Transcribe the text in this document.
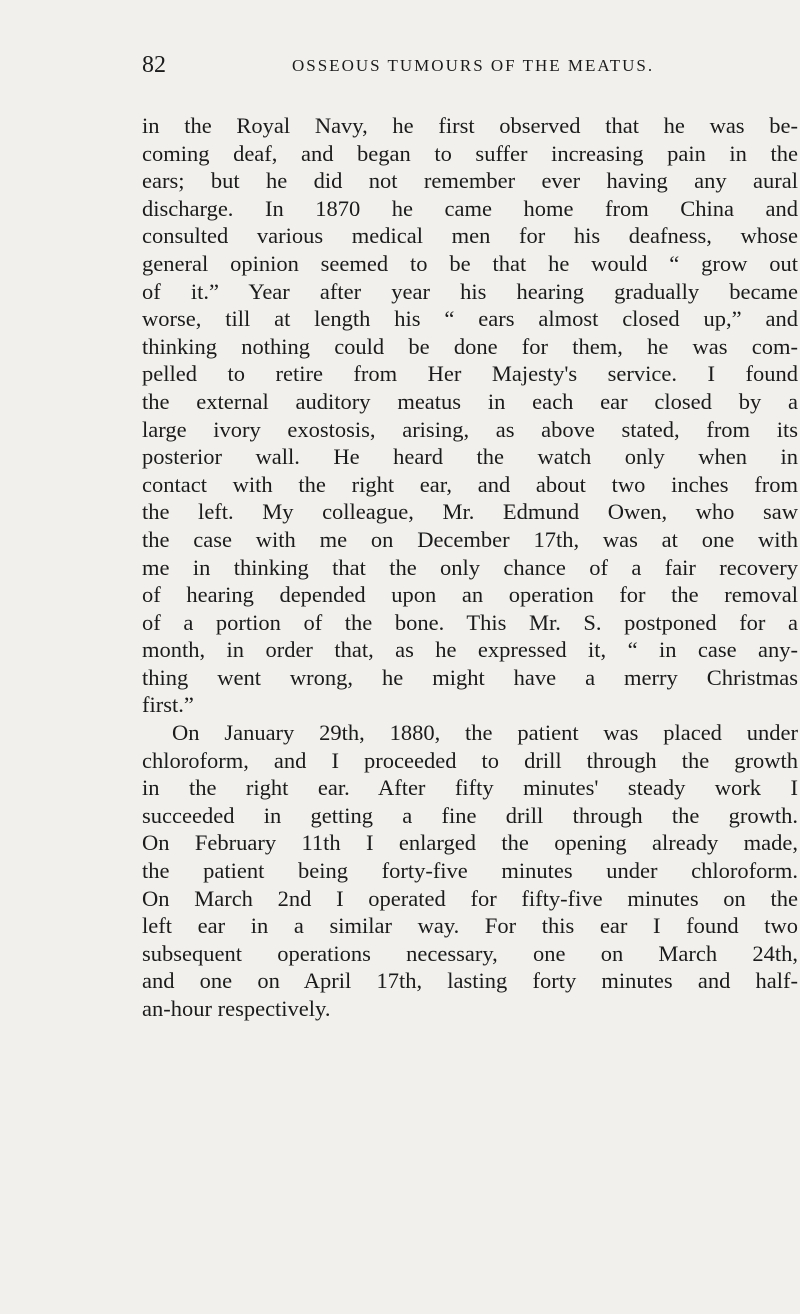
82	OSSEOUS TUMOURS OF THE MEATUS.
in the Royal Navy, he first observed that he was be-
coming deaf, and began to suffer increasing pain in the
ears; but he did not remember ever having any aural
discharge. In 1870 he came home from China and
consulted various medical men for his deafness, whose
general opinion seemed to be that he would “ grow out
of it.” Year after year his hearing gradually became
worse, till at length his “ ears almost closed up,” and
thinking nothing could be done for them, he was com-
pelled to retire from Her Majesty's service. I found
the external auditory meatus in each ear closed by a
large ivory exostosis, arising, as above stated, from its
posterior wall. He heard the watch only when in
contact with the right ear, and about two inches from
the left. My colleague, Mr. Edmund Owen, who saw
the case with me on December 17th, was at one with
me in thinking that the only chance of a fair recovery
of hearing depended upon an operation for the removal
of a portion of the bone. This Mr. S. postponed for a
month, in order that, as he expressed it, “ in case any-
thing went wrong, he might have a merry Christmas
first.”
On January 29th, 1880, the patient was placed under
chloroform, and I proceeded to drill through the growth
in the right ear. After fifty minutes' steady work I
succeeded in getting a fine drill through the growth.
On February 11th I enlarged the opening already made,
the patient being forty-five minutes under chloroform.
On March 2nd I operated for fifty-five minutes on the
left ear in a similar way. For this ear I found two
subsequent operations necessary, one on March 24th,
and one on April 17th, lasting forty minutes and half-
an-hour respectively.
